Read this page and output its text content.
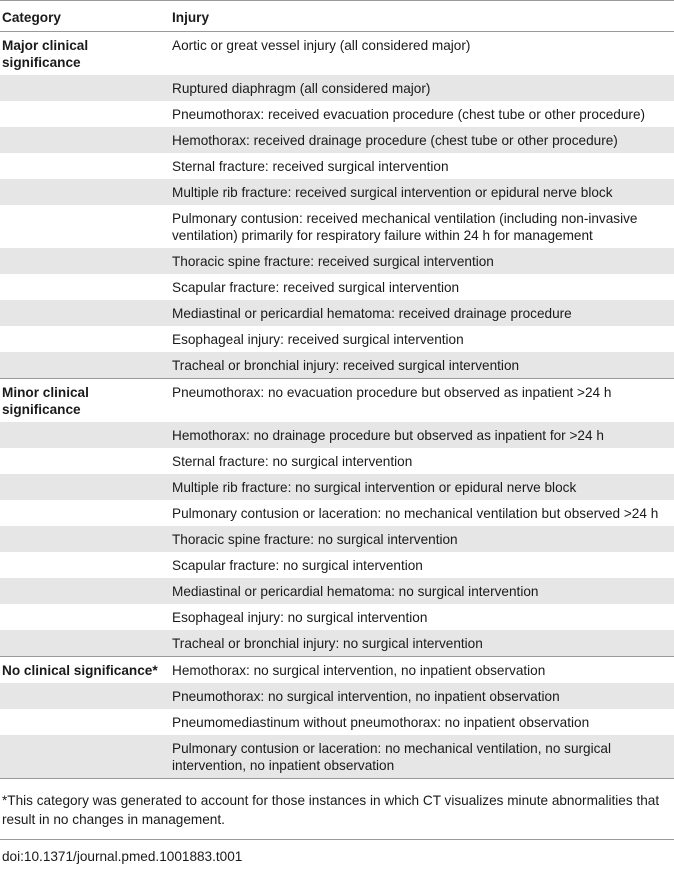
Category	Injury
Major clinical significance	Aortic or great vessel injury (all considered major)
	Ruptured diaphragm (all considered major)
	Pneumothorax: received evacuation procedure (chest tube or other procedure)
	Hemothorax: received drainage procedure (chest tube or other procedure)
	Sternal fracture: received surgical intervention
	Multiple rib fracture: received surgical intervention or epidural nerve block
	Pulmonary contusion: received mechanical ventilation (including non-invasive ventilation) primarily for respiratory failure within 24 h for management
	Thoracic spine fracture: received surgical intervention
	Scapular fracture: received surgical intervention
	Mediastinal or pericardial hematoma: received drainage procedure
	Esophageal injury: received surgical intervention
	Tracheal or bronchial injury: received surgical intervention
Minor clinical significance	Pneumothorax: no evacuation procedure but observed as inpatient >24 h
	Hemothorax: no drainage procedure but observed as inpatient for >24 h
	Sternal fracture: no surgical intervention
	Multiple rib fracture: no surgical intervention or epidural nerve block
	Pulmonary contusion or laceration: no mechanical ventilation but observed >24 h
	Thoracic spine fracture: no surgical intervention
	Scapular fracture: no surgical intervention
	Mediastinal or pericardial hematoma: no surgical intervention
	Esophageal injury: no surgical intervention
	Tracheal or bronchial injury: no surgical intervention
No clinical significance*	Hemothorax: no surgical intervention, no inpatient observation
	Pneumothorax: no surgical intervention, no inpatient observation
	Pneumomediastinum without pneumothorax: no inpatient observation
	Pulmonary contusion or laceration: no mechanical ventilation, no surgical intervention, no inpatient observation
*This category was generated to account for those instances in which CT visualizes minute abnormalities that result in no changes in management.
doi:10.1371/journal.pmed.1001883.t001
